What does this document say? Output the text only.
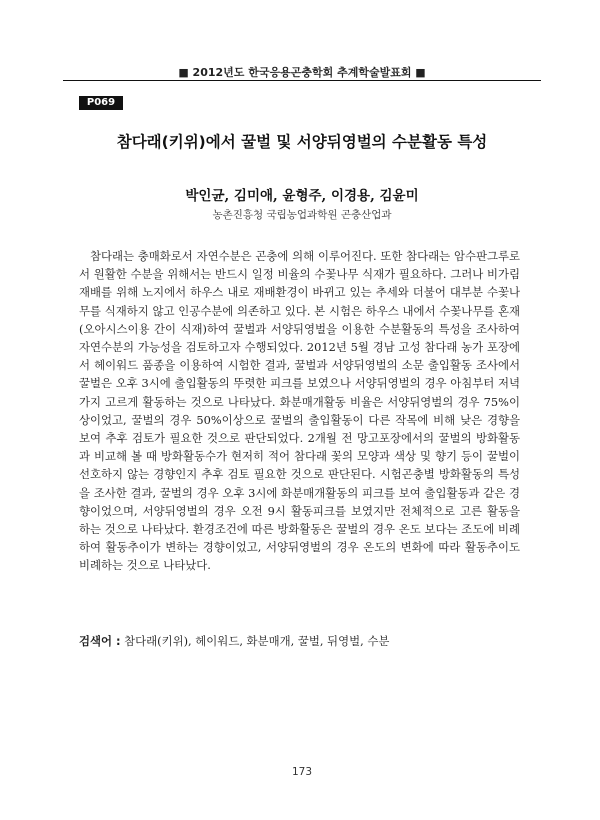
■ 2012년도 한국응용곤충학회 추계학술발표회 ■
P069
참다래(키위)에서 꿀벌 및 서양뒤영벌의 수분활동 특성
박인균, 김미애, 윤형주, 이경용, 김윤미
농촌진흥청 국립농업과학원 곤충산업과

참다래는 충매화로서 자연수분은 곤충에 의해 이루어진다. 또한 참다래는 암수판그루로서 원활한 수분을 위해서는 반드시 일정 비율의 수꽃나무 식재가 필요하다. 그러나 비가림 재배를 위해 노지에서 하우스 내로 재배환경이 바뀌고 있는 추세와 더불어 대부분 수꽃나무를 식재하지 않고 인공수분에 의존하고 있다. 본 시험은 하우스 내에서 수꽃나무를 혼재(오아시스이용 간이 식재)하여 꿀벌과 서양뒤영벌을 이용한 수분활동의 특성을 조사하여 자연수분의 가능성을 검토하고자 수행되었다. 2012년 5월 경남 고성 참다래 농가 포장에서 헤이워드 품종을 이용하여 시험한 결과, 꿀벌과 서양뒤영벌의 소문 출입활동 조사에서 꿀벌은 오후 3시에 출입활동의 뚜렷한 피크를 보였으나 서양뒤영벌의 경우 아침부터 저녁가지 고르게 활동하는 것으로 나타났다. 화분매개활동 비율은 서양뒤영벌의 경우 75%이상이었고, 꿀벌의 경우 50%이상으로 꿀벌의 출입활동이 다른 작목에 비해 낮은 경향을 보여 추후 검토가 필요한 것으로 판단되었다. 2개월 전 망고포장에서의 꿀벌의 방화활동과 비교해 볼 때 방화활동수가 현저히 적어 참다래 꽃의 모양과 색상 및 향기 등이 꿀벌이 선호하지 않는 경향인지 추후 검토 필요한 것으로 판단된다. 시험곤충별 방화활동의 특성을 조사한 결과, 꿀벌의 경우 오후 3시에 화분매개활동의 피크를 보여 출입활동과 같은 경향이었으며, 서양뒤영벌의 경우 오전 9시 활동피크를 보였지만 전체적으로 고른 활동을 하는 것으로 나타났다. 환경조건에 따른 방화활동은 꿀벌의 경우 온도 보다는 조도에 비례하여 활동추이가 변하는 경향이었고, 서양뒤영벌의 경우 온도의 변화에 따라 활동추이도 비례하는 것으로 나타났다.

검색어 : 참다래(키위), 헤이워드, 화분매개, 꿀벌, 뒤영벌, 수분
173
